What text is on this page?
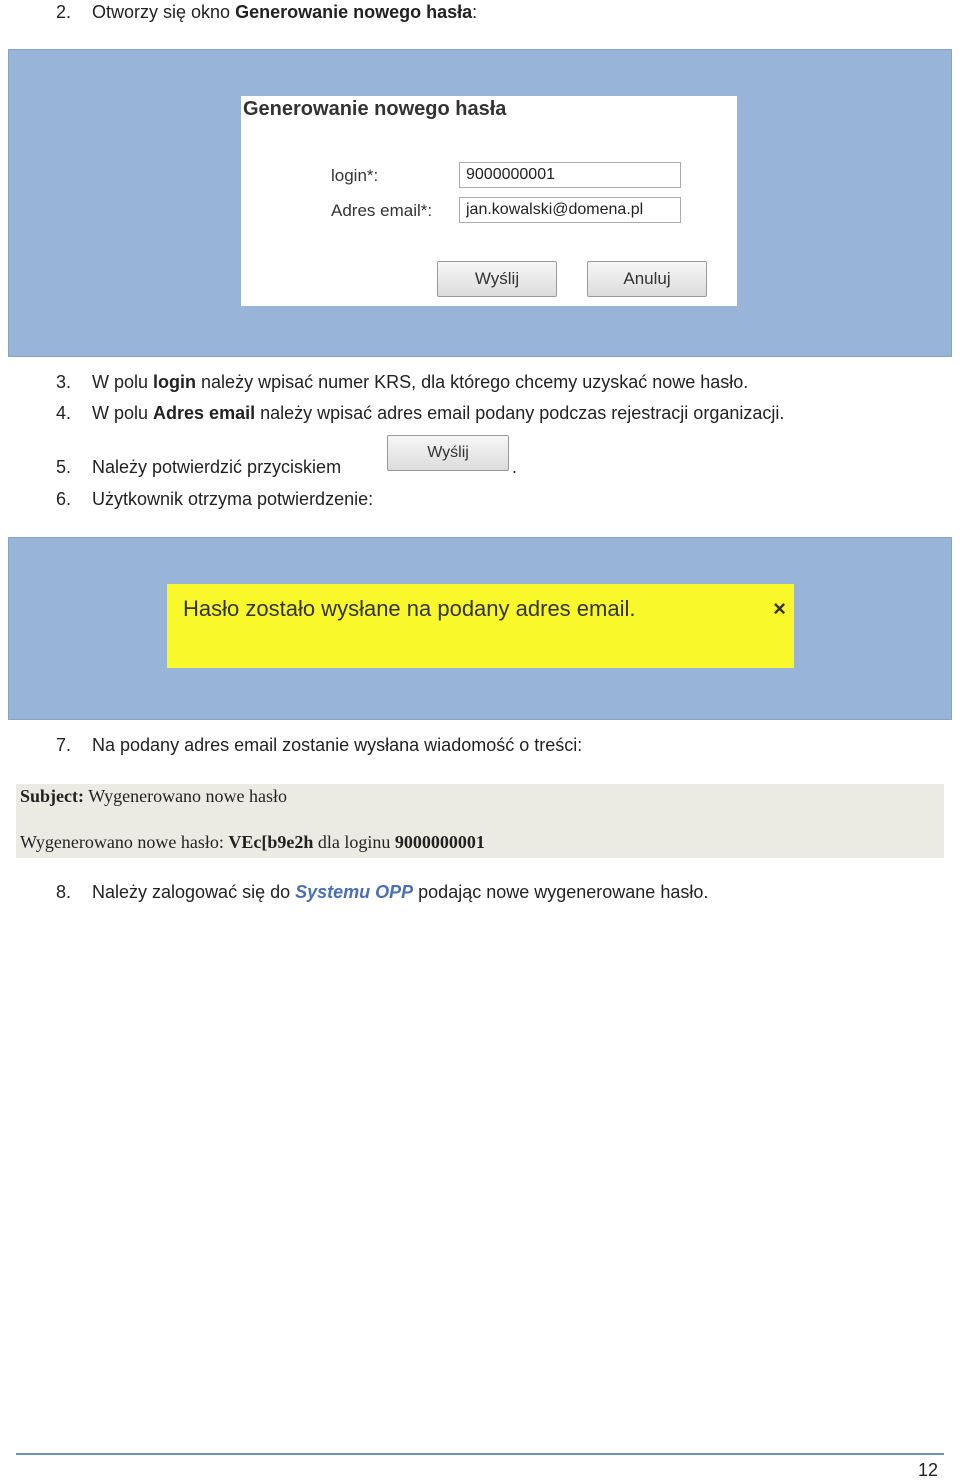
2. Otworzy się okno Generowanie nowego hasła:
Generowanie nowego hasła
login*:
9000000001
Adres email*:
jan.kowalski@domena.pl
Wyślij	Anuluj
3. W polu login należy wpisać numer KRS, dla którego chcemy uzyskać nowe hasło.
4. W polu Adres email należy wpisać adres email podany podczas rejestracji organizacji.
5. Należy potwierdzić przyciskiem
Wyślij
.
6. Użytkownik otrzyma potwierdzenie:
Hasło zostało wysłane na podany adres email.	×
7. Na podany adres email zostanie wysłana wiadomość o treści:
Subject: Wygenerowano nowe hasło
Wygenerowano nowe hasło: VEc[b9e2h dla loginu 9000000001
8. Należy zalogować się do Systemu OPP podając nowe wygenerowane hasło.
12
